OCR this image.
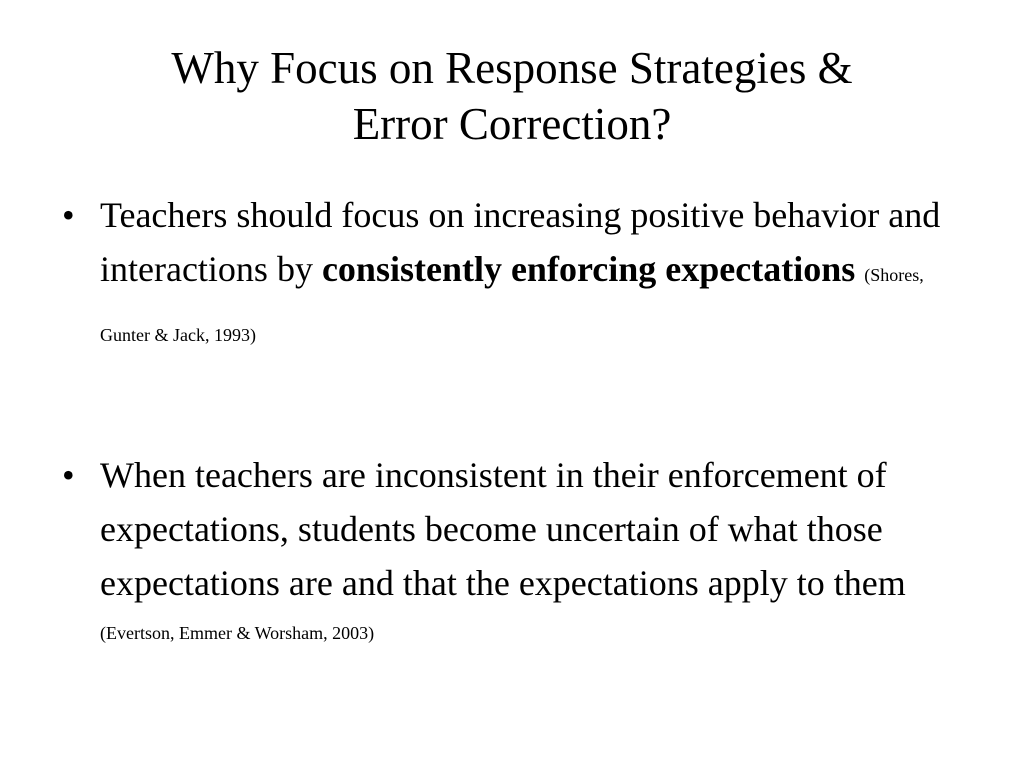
Why Focus on Response Strategies &
Error Correction?
• Teachers should focus on increasing positive behavior and interactions by consistently enforcing expectations (Shores, Gunter & Jack, 1993)
• When teachers are inconsistent in their enforcement of expectations, students become uncertain of what those expectations are and that the expectations apply to them
(Evertson, Emmer & Worsham, 2003)
